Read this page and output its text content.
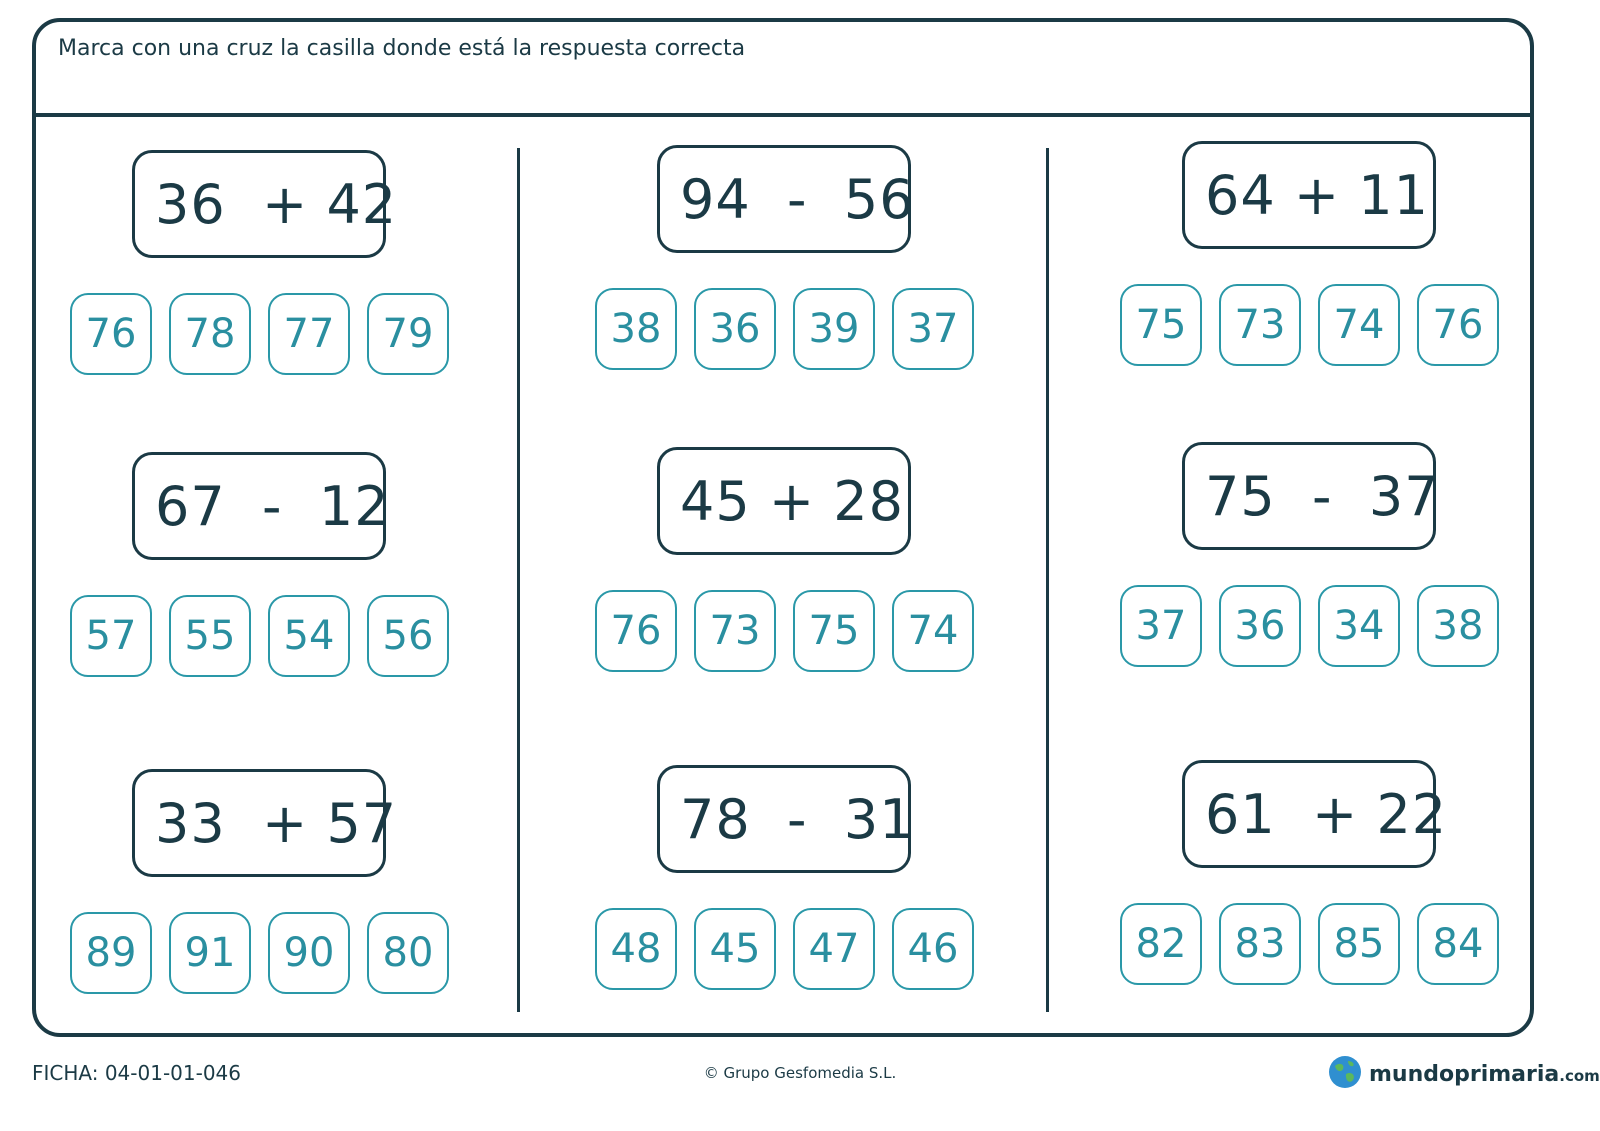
Marca con una cruz la casilla donde está la respuesta correcta
36  + 42
76	78	77	79
67  -  12
57	55	54	56
33  + 57
89	91	90	80
94  -  56
38	36	39	37
45 + 28
76	73	75	74
78  -  31
48	45	47	46
64 + 11
75	73	74	76
75  -  37
37	36	34	38
61  + 22
82	83	85	84
FICHA: 04-01-01-046	© Grupo Gesfomedia S.L.	mundoprimaria.com
